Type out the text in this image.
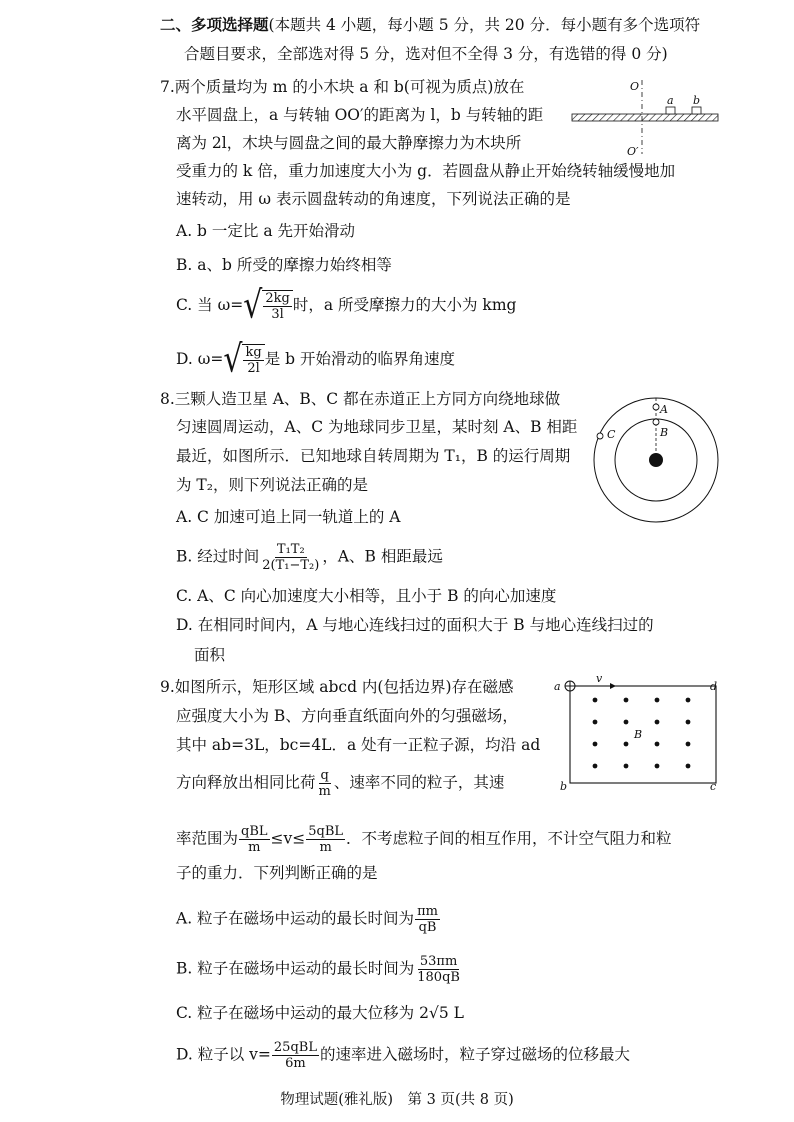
二、多项选择题(本题共 4 小题，每小题 5 分，共 20 分．每小题有多个选项符
合题目要求，全部选对得 5 分，选对但不全得 3 分，有选错的得 0 分)
7.两个质量均为 m 的小木块 a 和 b(可视为质点)放在
水平圆盘上，a 与转轴 OO′的距离为 l，b 与转轴的距
离为 2l，木块与圆盘之间的最大静摩擦力为木块所
受重力的 k 倍，重力加速度大小为 g．若圆盘从静止开始绕转轴缓慢地加
速转动，用 ω 表示圆盘转动的角速度，下列说法正确的是
A. b 一定比 a 先开始滑动
B. a、b 所受的摩擦力始终相等
C. 当 ω= √ $\frac{2kg}{3l}$ 时，a 所受摩擦力的大小为 kmg
D. ω= √ $\frac{kg}{2l}$ 是 b 开始滑动的临界角速度
O
O′
a b
8.三颗人造卫星 A、B、C 都在赤道正上方同方向绕地球做
匀速圆周运动，A、C 为地球同步卫星，某时刻 A、B 相距
最近，如图所示．已知地球自转周期为 T₁，B 的运行周期
为 T₂，则下列说法正确的是
A. C 加速可追上同一轨道上的 A
B. 经过时间 $\frac{\text{T₁T₂}}{\text{2(T₁−T₂)}}$ ，A、B 相距最远
C. A、C 向心加速度大小相等，且小于 B 的向心加速度
D. 在相同时间内，A 与地心连线扫过的面积大于 B 与地心连线扫过的
面积
A
B
C
9.如图所示，矩形区域 abcd 内(包括边界)存在磁感
应强度大小为 B、方向垂直纸面向外的匀强磁场，
其中 ab=3L，bc=4L．a 处有一正粒子源，均沿 ad
方向释放出相同比荷 $\frac{q}{m}$ 、速率不同的粒子，其速
率范围为 $\frac{\text{qBL}}{m} \le v\le \frac{\text{5qBL}}{m}$ ．不考虑粒子间的相互作用，不计空气阻力和粒
子的重力．下列判断正确的是
A. 粒子在磁场中运动的最长时间为 $\frac{\pi m}{qB}$
B. 粒子在磁场中运动的最长时间为 $\frac{53\pi m}{180qB}$
C. 粒子在磁场中运动的最大位移为 2√5 L
D. 粒子以 $v= \frac{\text{25qBL}}{6m}$ 的速率进入磁场时，粒子穿过磁场的位移最大
a
b	c
d
v
B
物理试题(雅礼版)　第 3 页(共 8 页)
